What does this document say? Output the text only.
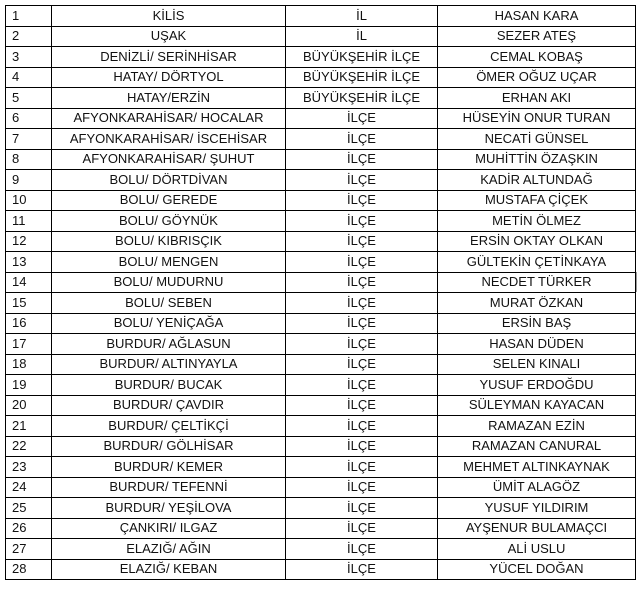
1	KİLİS	İL	HASAN KARA
2	UŞAK	İL	SEZER ATEŞ
3	DENİZLİ/ SERİNHİSAR	BÜYÜKŞEHİR İLÇE	CEMAL KOBAŞ
4	HATAY/ DÖRTYOL	BÜYÜKŞEHİR İLÇE	ÖMER OĞUZ UÇAR
5	HATAY/ERZİN	BÜYÜKŞEHİR İLÇE	ERHAN AKI
6	AFYONKARAHİSAR/ HOCALAR	İLÇE	HÜSEYİN ONUR TURAN
7	AFYONKARAHİSAR/ İSCEHİSAR	İLÇE	NECATİ GÜNSEL
8	AFYONKARAHİSAR/ ŞUHUT	İLÇE	MUHİTTİN ÖZAŞKIN
9	BOLU/ DÖRTDİVAN	İLÇE	KADİR ALTUNDAĞ
10	BOLU/ GEREDE	İLÇE	MUSTAFA ÇİÇEK
11	BOLU/ GÖYNÜK	İLÇE	METİN ÖLMEZ
12	BOLU/ KIBRISÇIK	İLÇE	ERSİN OKTAY OLKAN
13	BOLU/ MENGEN	İLÇE	GÜLTEKİN ÇETİNKAYA
14	BOLU/ MUDURNU	İLÇE	NECDET TÜRKER
15	BOLU/ SEBEN	İLÇE	MURAT ÖZKAN
16	BOLU/ YENİÇAĞA	İLÇE	ERSİN BAŞ
17	BURDUR/ AĞLASUN	İLÇE	HASAN DÜDEN
18	BURDUR/ ALTINYAYLA	İLÇE	SELEN KINALI
19	BURDUR/ BUCAK	İLÇE	YUSUF ERDOĞDU
20	BURDUR/ ÇAVDIR	İLÇE	SÜLEYMAN KAYACAN
21	BURDUR/ ÇELTİKÇİ	İLÇE	RAMAZAN EZİN
22	BURDUR/ GÖLHİSAR	İLÇE	RAMAZAN CANURAL
23	BURDUR/ KEMER	İLÇE	MEHMET ALTINKAYNAK
24	BURDUR/ TEFENNİ	İLÇE	ÜMİT ALAGÖZ
25	BURDUR/ YEŞİLOVA	İLÇE	YUSUF YILDIRIM
26	ÇANKIRI/ ILGAZ	İLÇE	AYŞENUR BULAMAÇCI
27	ELAZIĞ/ AĞIN	İLÇE	ALİ USLU
28	ELAZIĞ/ KEBAN	İLÇE	YÜCEL DOĞAN
